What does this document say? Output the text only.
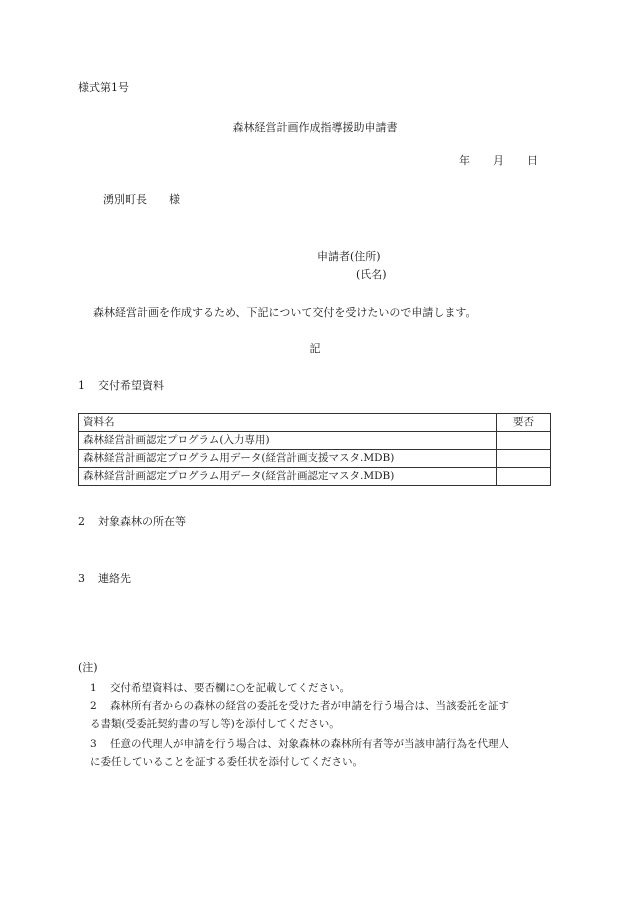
様式第1号
森林経営計画作成指導援助申請書
年 月 日
湧別町長 様
申請者(住所)
(氏名)
森林経営計画を作成するため、下記について交付を受けたいので申請します。
記
1 交付希望資料
資料名	要否
森林経営計画認定プログラム(入力専用)	
森林経営計画認定プログラム用データ(経営計画支援マスタ.MDB)	
森林経営計画認定プログラム用データ(経営計画認定マスタ.MDB)	
2 対象森林の所在等
3 連絡先
(注)
1 交付希望資料は、要否欄に○を記載してください。
2 森林所有者からの森林の経営の委託を受けた者が申請を行う場合は、当該委託を証す
る書類(受委託契約書の写し等)を添付してください。
3 任意の代理人が申請を行う場合は、対象森林の森林所有者等が当該申請行為を代理人
に委任していることを証する委任状を添付してください。
